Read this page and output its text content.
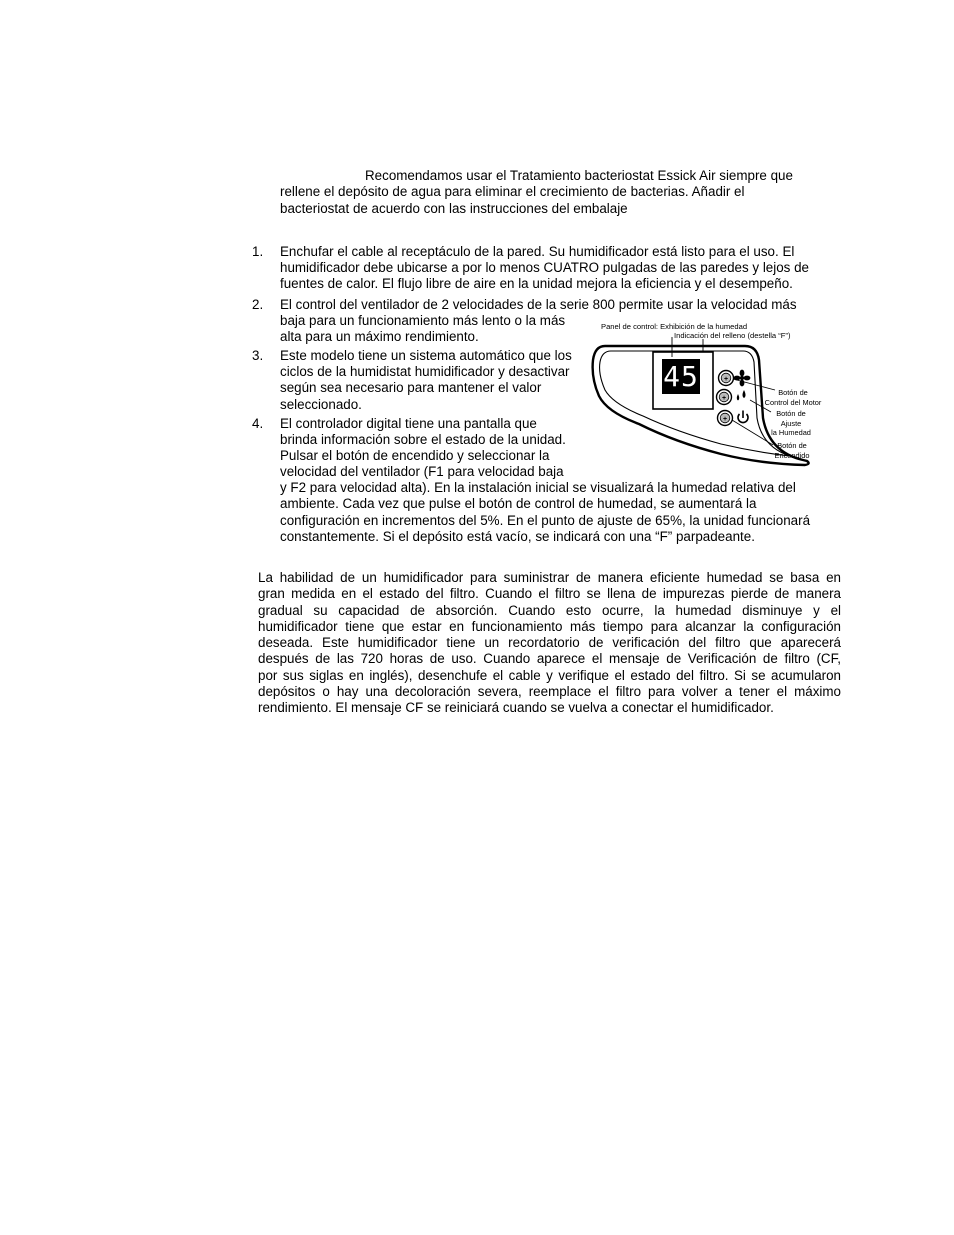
Recomendamos usar el Tratamiento bacteriostat Essick Air siempre que
rellene el depósito de agua para eliminar el crecimiento de bacterias. Añadir el
bacteriostat de acuerdo con las instrucciones del embalaje
1. Enchufar el cable al receptáculo de la pared. Su humidificador está listo para el uso. El
humidificador debe ubicarse a por lo menos CUATRO pulgadas de las paredes y lejos de
fuentes de calor. El flujo libre de aire en la unidad mejora la eficiencia y el desempeño.
2. El control del ventilador de 2 velocidades de la serie 800 permite usar la velocidad más
baja para un funcionamiento más lento o la más
alta para un máximo rendimiento.
3. Este modelo tiene un sistema automático que los
ciclos de la humidistat humidificador y desactivar
según sea necesario para mantener el valor
seleccionado.
4. El controlador digital tiene una pantalla que
brinda información sobre el estado de la unidad.
Pulsar el botón de encendido y seleccionar la
velocidad del ventilador (F1 para velocidad baja
y F2 para velocidad alta). En la instalación inicial se visualizará la humedad relativa del
ambiente. Cada vez que pulse el botón de control de humedad, se aumentará la
configuración en incrementos del 5%. En el punto de ajuste de 65%, la unidad funcionará
constantemente. Si el depósito está vacío, se indicará con una “F” parpadeante.
Panel de control: Exhibición de la humedad
Indicación del relleno (destella “F”)
+
+
+
45	Botón de
Control del Motor
Botón de
Ajuste
la Humedad
Botón de
Encendido
La habilidad de un humidificador para suministrar de manera eficiente humedad se basa en
gran medida en el estado del filtro. Cuando el filtro se llena de impurezas pierde de manera
gradual su capacidad de absorción. Cuando esto ocurre, la humedad disminuye y el
humidificador tiene que estar en funcionamiento más tiempo para alcanzar la configuración
deseada. Este humidificador tiene un recordatorio de verificación del filtro que aparecerá
después de las 720 horas de uso. Cuando aparece el mensaje de Verificación de filtro (CF,
por sus siglas en inglés), desenchufe el cable y verifique el estado del filtro. Si se acumularon
depósitos o hay una decoloración severa, reemplace el filtro para volver a tener el máximo
rendimiento. El mensaje CF se reiniciará cuando se vuelva a conectar el humidificador.
